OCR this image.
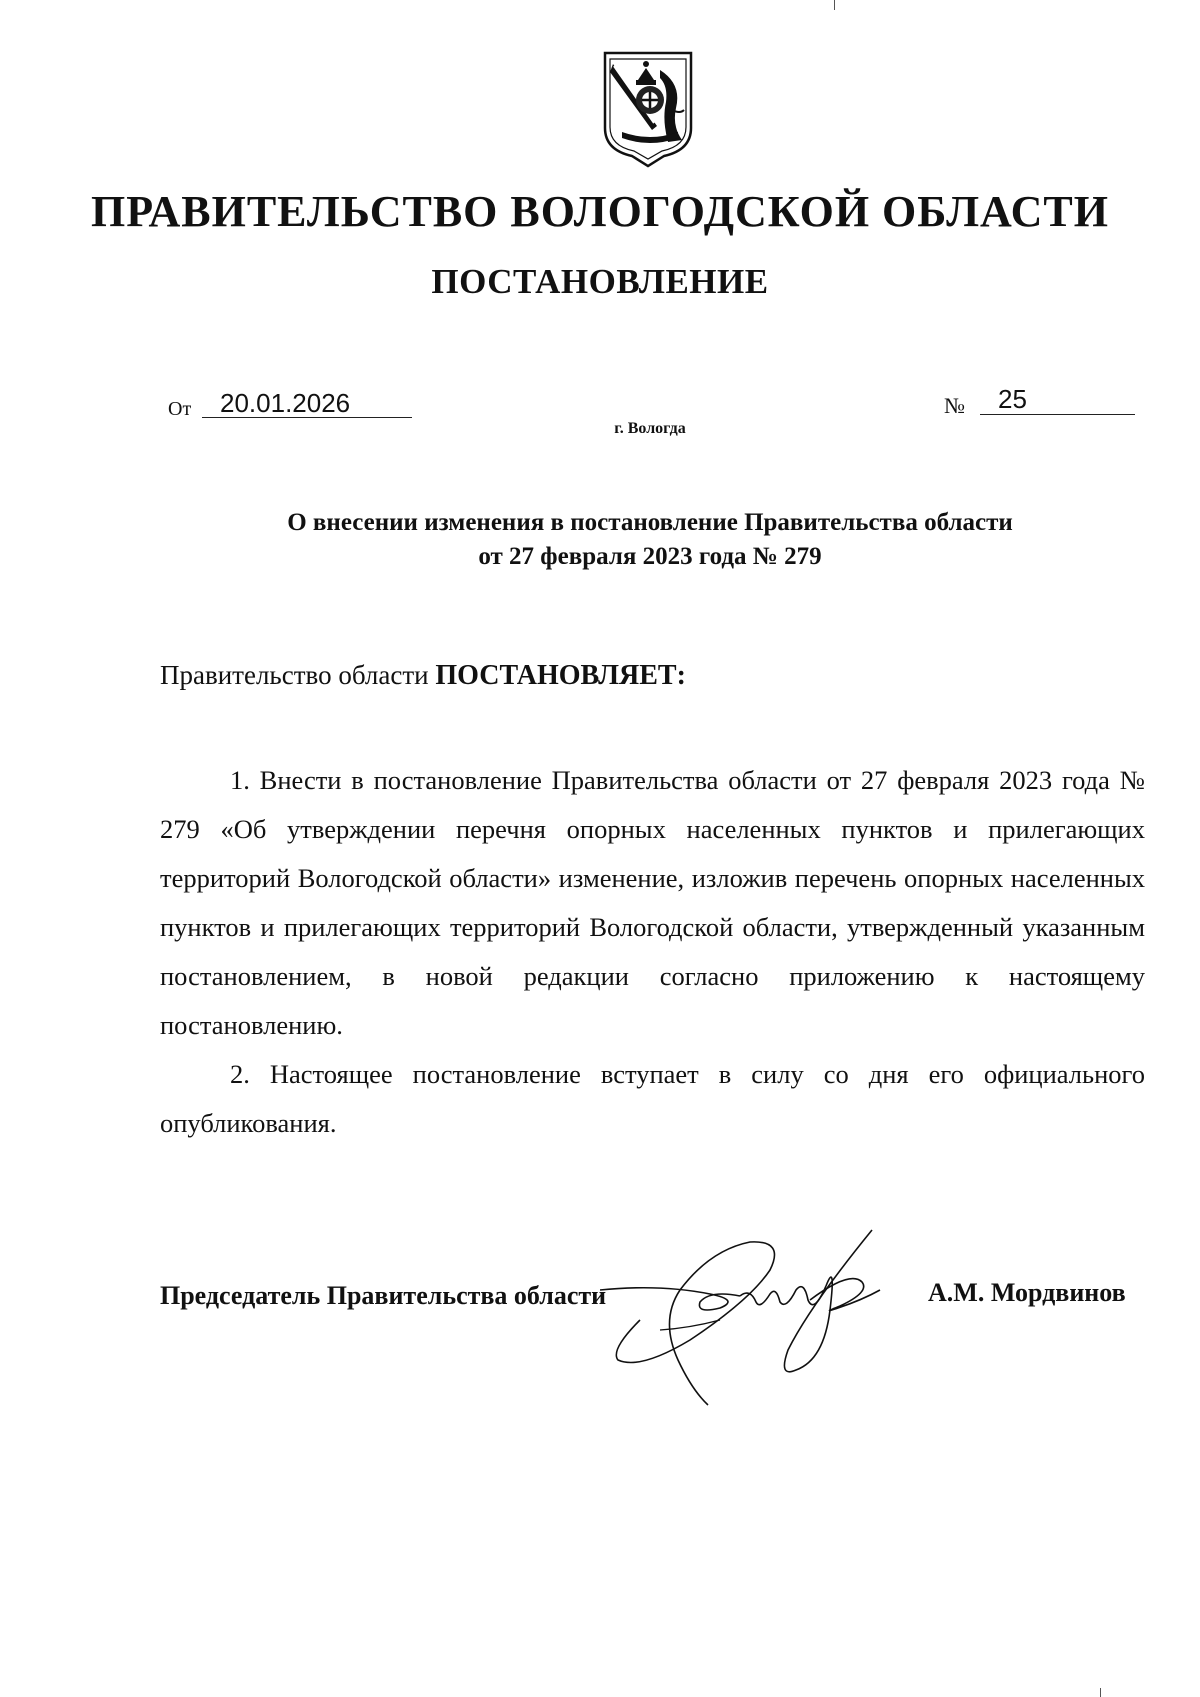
ПРАВИТЕЛЬСТВО ВОЛОГОДСКОЙ ОБЛАСТИ
ПОСТАНОВЛЕНИЕ
От 20.01.2026	№ 25
г. Вологда
О внесении изменения в постановление Правительства области
от 27 февраля 2023 года № 279
Правительство области ПОСТАНОВЛЯЕТ:

1. Внести в постановление Правительства области от 27 февраля 2023 года № 279 «Об утверждении перечня опорных населенных пунктов и прилегающих территорий Вологодской области» изменение, изложив перечень опорных населенных пунктов и прилегающих территорий Вологодской области, утвержденный указанным постановлением, в новой редакции согласно приложению к настоящему постановлению.

2. Настоящее постановление вступает в силу со дня его официального опубликования.

Председатель Правительства области	А.М. Мордвинов
